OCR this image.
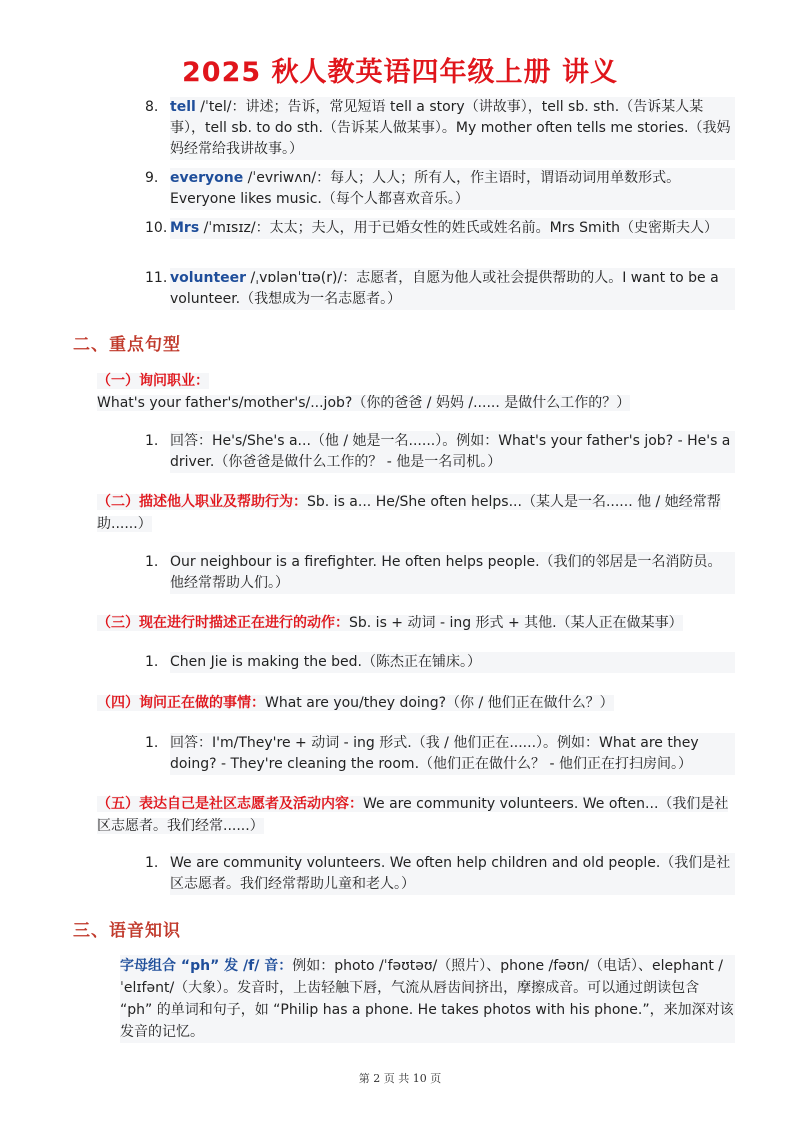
2025 秋人教英语四年级上册 讲义
8. tell /ˈtel/：讲述；告诉，常见短语 tell a story（讲故事），tell sb. sth.（告诉某人某事），tell sb. to do sth.（告诉某人做某事）。My mother often tells me stories.（我妈妈经常给我讲故事。）
9. everyone /ˈevriwʌn/：每人；人人；所有人，作主语时，谓语动词用单数形式。Everyone likes music.（每个人都喜欢音乐。）
10. Mrs /ˈmɪsɪz/：太太；夫人，用于已婚女性的姓氏或姓名前。Mrs Smith（史密斯夫人）
11. volunteer /ˌvɒlənˈtɪə(r)/：志愿者，自愿为他人或社会提供帮助的人。I want to be a volunteer.（我想成为一名志愿者。）
二、重点句型
（一）询问职业：What's your father's/mother's/...job?（你的爸爸 / 妈妈 /...... 是做什么工作的？）
1. 回答：He's/She's a...（他 / 她是一名......）。例如：What's your father's job? - He's a driver.（你爸爸是做什么工作的？ - 他是一名司机。）
（二）描述他人职业及帮助行为：Sb. is a... He/She often helps...（某人是一名...... 他 / 她经常帮助......）
1. Our neighbour is a firefighter. He often helps people.（我们的邻居是一名消防员。他经常帮助人们。）
（三）现在进行时描述正在进行的动作：Sb. is + 动词 - ing 形式 + 其他.（某人正在做某事）
1. Chen Jie is making the bed.（陈杰正在铺床。）
（四）询问正在做的事情：What are you/they doing?（你 / 他们正在做什么？）
1. 回答：I'm/They're + 动词 - ing 形式.（我 / 他们正在......）。例如：What are they doing? - They're cleaning the room.（他们正在做什么？ - 他们正在打扫房间。）
（五）表达自己是社区志愿者及活动内容：We are community volunteers. We often...（我们是社区志愿者。我们经常......）
1. We are community volunteers. We often help children and old people.（我们是社区志愿者。我们经常帮助儿童和老人。）
三、语音知识
字母组合 “ph” 发 /f/ 音：例如：photo /ˈfəʊtəʊ/（照片）、phone /fəʊn/（电话）、elephant /ˈelɪfənt/（大象）。发音时，上齿轻触下唇，气流从唇齿间挤出，摩擦成音。可以通过朗读包含 “ph” 的单词和句子，如 “Philip has a phone. He takes photos with his phone.”，来加深对该发音的记忆。
第 2 页 共 10 页
